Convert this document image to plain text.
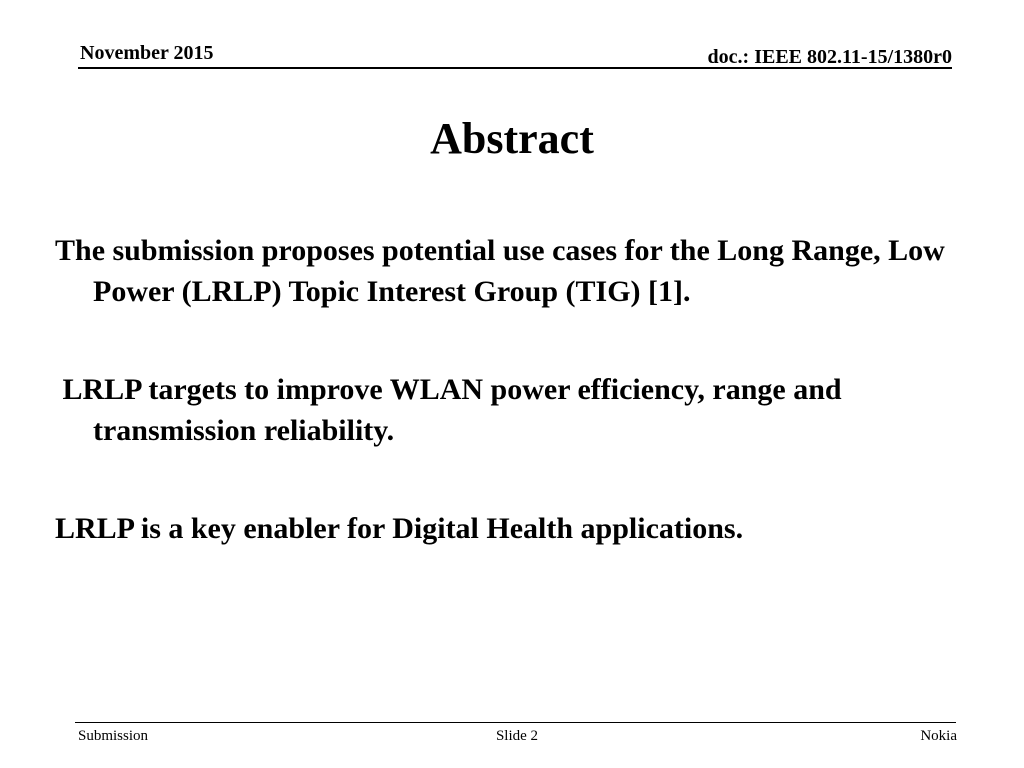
November 2015	doc.: IEEE 802.11-15/1380r0
Abstract

The submission proposes potential use cases for the Long Range, Low Power (LRLP) Topic Interest Group (TIG) [1].

LRLP targets to improve WLAN power efficiency, range and transmission reliability.

LRLP is a key enabler for Digital Health applications.

Submission	Slide 2	Nokia
